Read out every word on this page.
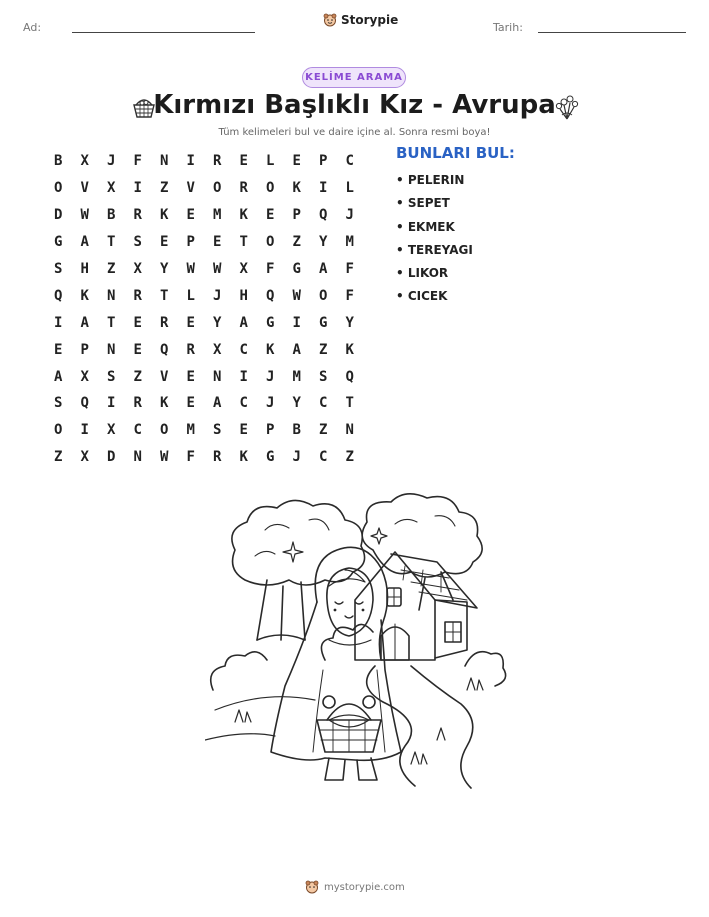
Ad:
Storypie
Tarih:
KELİME ARAMA
Kırmızı Başlıklı Kız - Avrupa
Tüm kelimeleri bul ve daire içine al. Sonra resmi boya!
B	X	J	F	N	I	R	E	L	E	P	C
O	V	X	I	Z	V	O	R	O	K	I	L
D	W	B	R	K	E	M	K	E	P	Q	J
G	A	T	S	E	P	E	T	O	Z	Y	M
S	H	Z	X	Y	W	W	X	F	G	A	F
Q	K	N	R	T	L	J	H	Q	W	O	F
I	A	T	E	R	E	Y	A	G	I	G	Y
E	P	N	E	Q	R	X	C	K	A	Z	K
A	X	S	Z	V	E	N	I	J	M	S	Q
S	Q	I	R	K	E	A	C	J	Y	C	T
O	I	X	C	O	M	S	E	P	B	Z	N
Z	X	D	N	W	F	R	K	G	J	C	Z
BUNLARI BUL:
• PELERIN
• SEPET
• EKMEK
• TEREYAGI
• LIKOR
• CICEK
mystorypie.com
